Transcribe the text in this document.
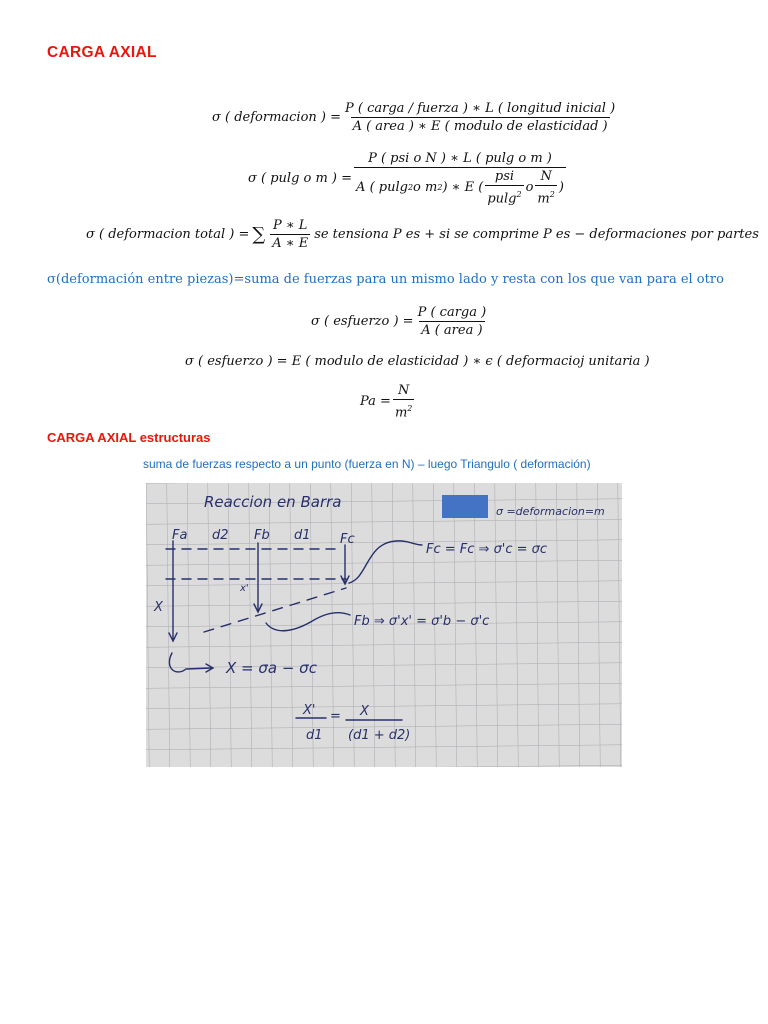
CARGA AXIAL
σ ( deformacion ) = $\frac{\text{P ( carga / fuerza ) ∗ L ( longitud inicial )}}{\text{A ( area ) ∗ E ( modulo de elasticidad )}}$
σ ( pulg o m ) =
P ( psi o N ) ∗ L ( pulg o m )
A ( pulg 2 o m 2 ) ∗ E ( $\frac{\text{psi}}{pulg^2}$ o $\frac{N}{m^2}$ )
σ ( deformacion total ) = ∑ $\frac{P ∗ L}{A ∗ E}$ se tensiona P es + si se comprime P es − deformaciones por partes
σ(deformación entre piezas)=suma de fuerzas para un mismo lado y resta con los que van para el otro
σ ( esfuerzo ) = $\frac{\text{P ( carga )}}{\text{A ( area )}}$
σ ( esfuerzo ) = E ( modulo de elasticidad ) ∗ ϵ ( deformacioj unitaria )
$Pa = \frac{N}{m^2}$
CARGA AXIAL estructuras
suma de fuerzas respecto a un punto (fuerza en N) – luego Triangulo ( deformación)
Reaccion en Barra
σ =deformacion=m
Fa d2 Fb d1 Fc
X
x'
Fc = Fc ⇒ σ'c = σc
Fb ⇒ σ'x' = σ'b − σ'c
X = σa − σc
X' =
d1
X
(d1 + d2)
